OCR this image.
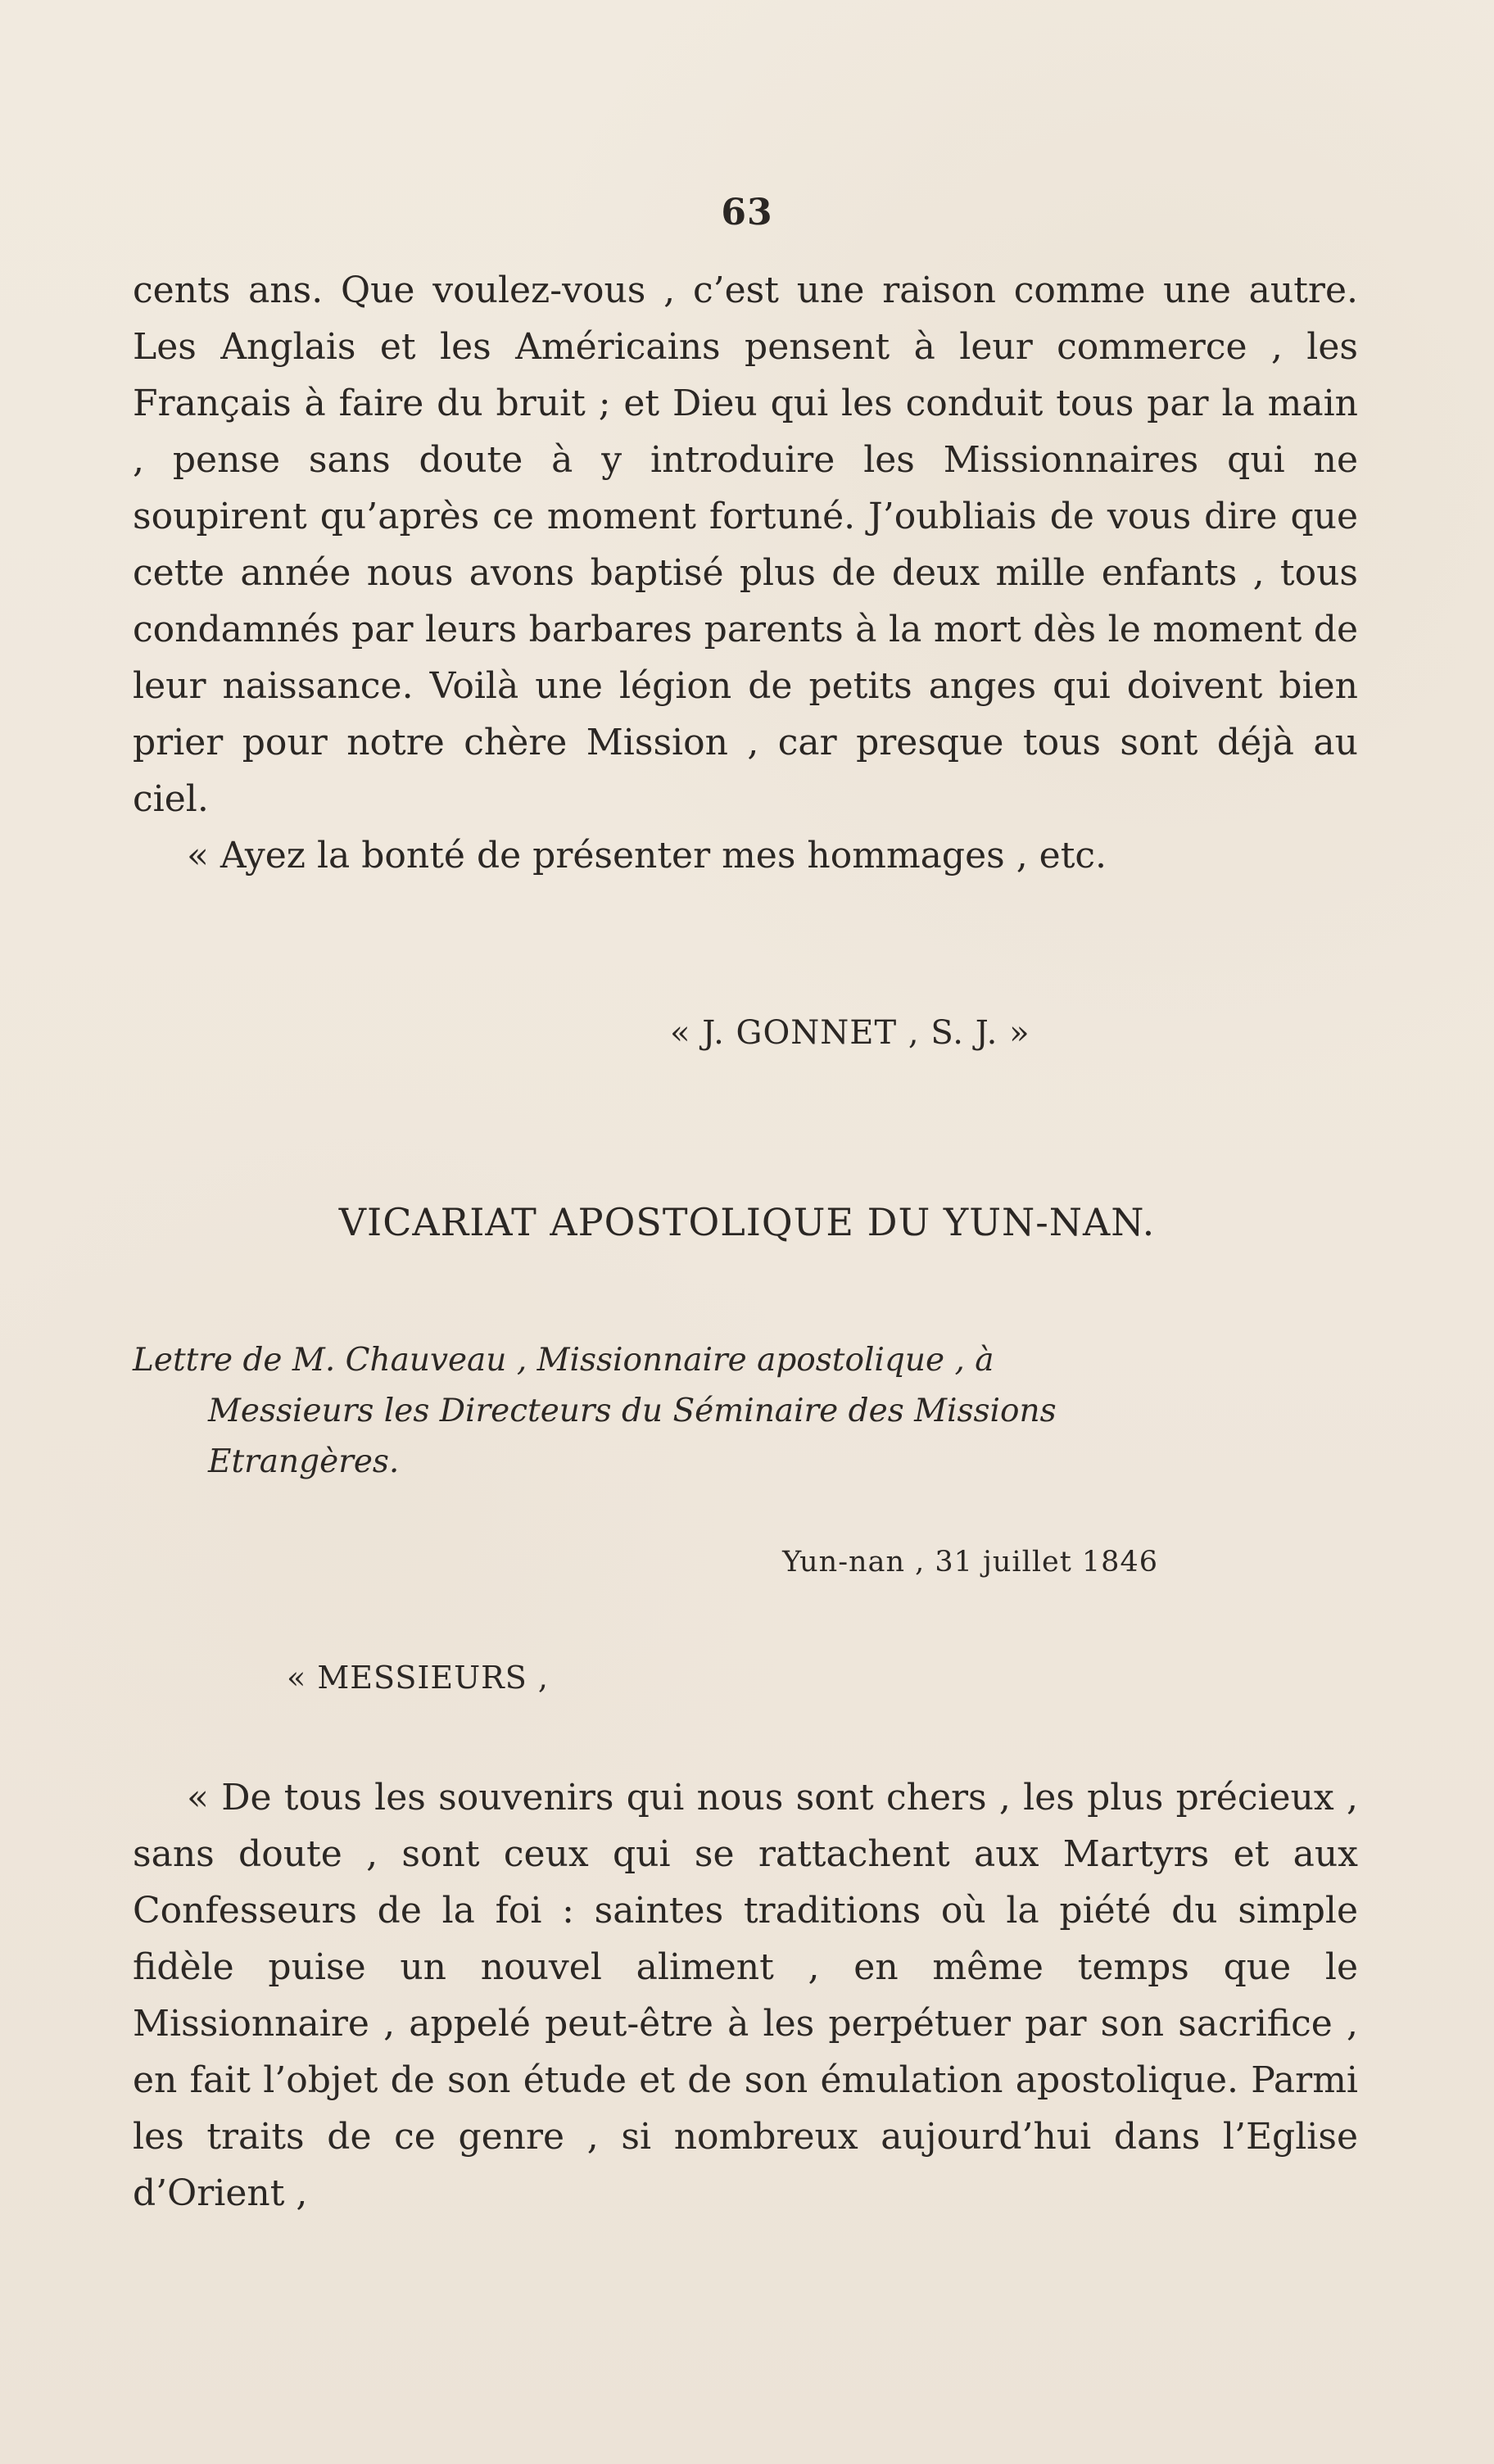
63

cents ans. Que voulez-vous , c’est une raison comme une autre. Les Anglais et les Américains pensent à leur commerce , les Français à faire du bruit ; et Dieu qui les conduit tous par la main , pense sans doute à y introduire les Missionnaires qui ne soupirent qu’après ce moment fortuné. J’oubliais de vous dire que cette année nous avons baptisé plus de deux mille enfants , tous condamnés par leurs barbares parents à la mort dès le moment de leur naissance. Voilà une légion de petits anges qui doivent bien prier pour notre chère Mission , car presque tous sont déjà au ciel.

« Ayez la bonté de présenter mes hommages , etc.

« J. GONNET , S. J. »
VICARIAT APOSTOLIQUE DU YUN-NAN.
Lettre de M. Chauveau , Missionnaire apostolique , à
Messieurs les Directeurs du Séminaire des Missions
Etrangères.
Yun-nan , 31 juillet 1846
« MESSIEURS ,

« De tous les souvenirs qui nous sont chers , les plus précieux , sans doute , sont ceux qui se rattachent aux Martyrs et aux Confesseurs de la foi : saintes traditions où la piété du simple fidèle puise un nouvel aliment , en même temps que le Missionnaire , appelé peut-être à les perpétuer par son sacrifice , en fait l’objet de son étude et de son émulation apostolique. Parmi les traits de ce genre , si nombreux aujourd’hui dans l’Eglise d’Orient ,
